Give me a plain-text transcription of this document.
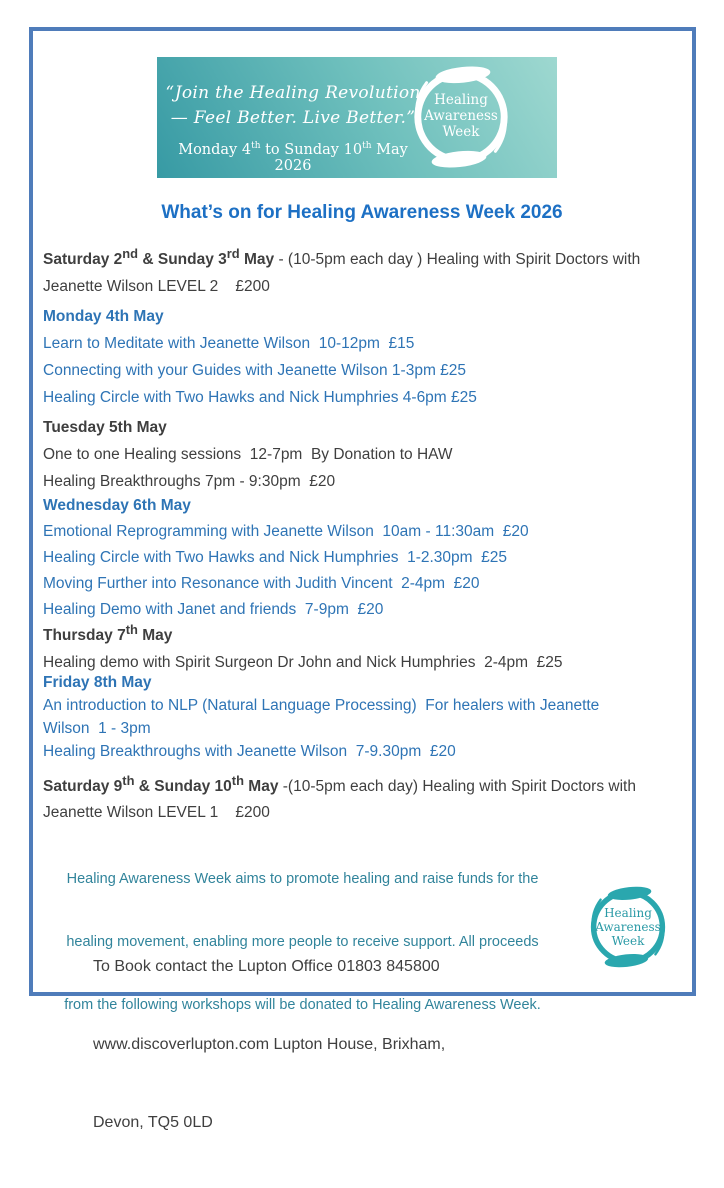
“Join the Healing Revolution
— Feel Better. Live Better.”
Monday 4th to Sunday 10th May 2026
Healing
Awareness
Week
What’s on for Healing Awareness Week 2026
Saturday 2nd & Sunday 3rd May - (10-5pm each day ) Healing with Spirit Doctors with
Jeanette Wilson LEVEL 2    £200
Monday 4th May
Learn to Meditate with Jeanette Wilson  10-12pm  £15
Connecting with your Guides with Jeanette Wilson 1-3pm £25
Healing Circle with Two Hawks and Nick Humphries 4-6pm £25
Tuesday 5th May
One to one Healing sessions  12-7pm  By Donation to HAW
Healing Breakthroughs 7pm - 9:30pm  £20
Wednesday 6th May
Emotional Reprogramming with Jeanette Wilson  10am - 11:30am  £20
Healing Circle with Two Hawks and Nick Humphries  1-2.30pm  £25
Moving Further into Resonance with Judith Vincent  2-4pm  £20
Healing Demo with Janet and friends  7-9pm  £20
Thursday 7th May
Healing demo with Spirit Surgeon Dr John and Nick Humphries  2-4pm  £25
Friday 8th May
An introduction to NLP (Natural Language Processing)  For healers with Jeanette
Wilson  1 - 3pm
Healing Breakthroughs with Jeanette Wilson  7-9.30pm  £20
Saturday 9th & Sunday 10th May -(10-5pm each day) Healing with Spirit Doctors with
Jeanette Wilson LEVEL 1    £200

Healing Awareness Week aims to promote healing and raise funds for the

healing movement, enabling more people to receive support. All proceeds

from the following workshops will be donated to Healing Awareness Week.

To Book contact the Lupton Office 01803 845800

www.discoverlupton.com Lupton House, Brixham,

Devon, TQ5 0LD

Healing
Awareness
Week
